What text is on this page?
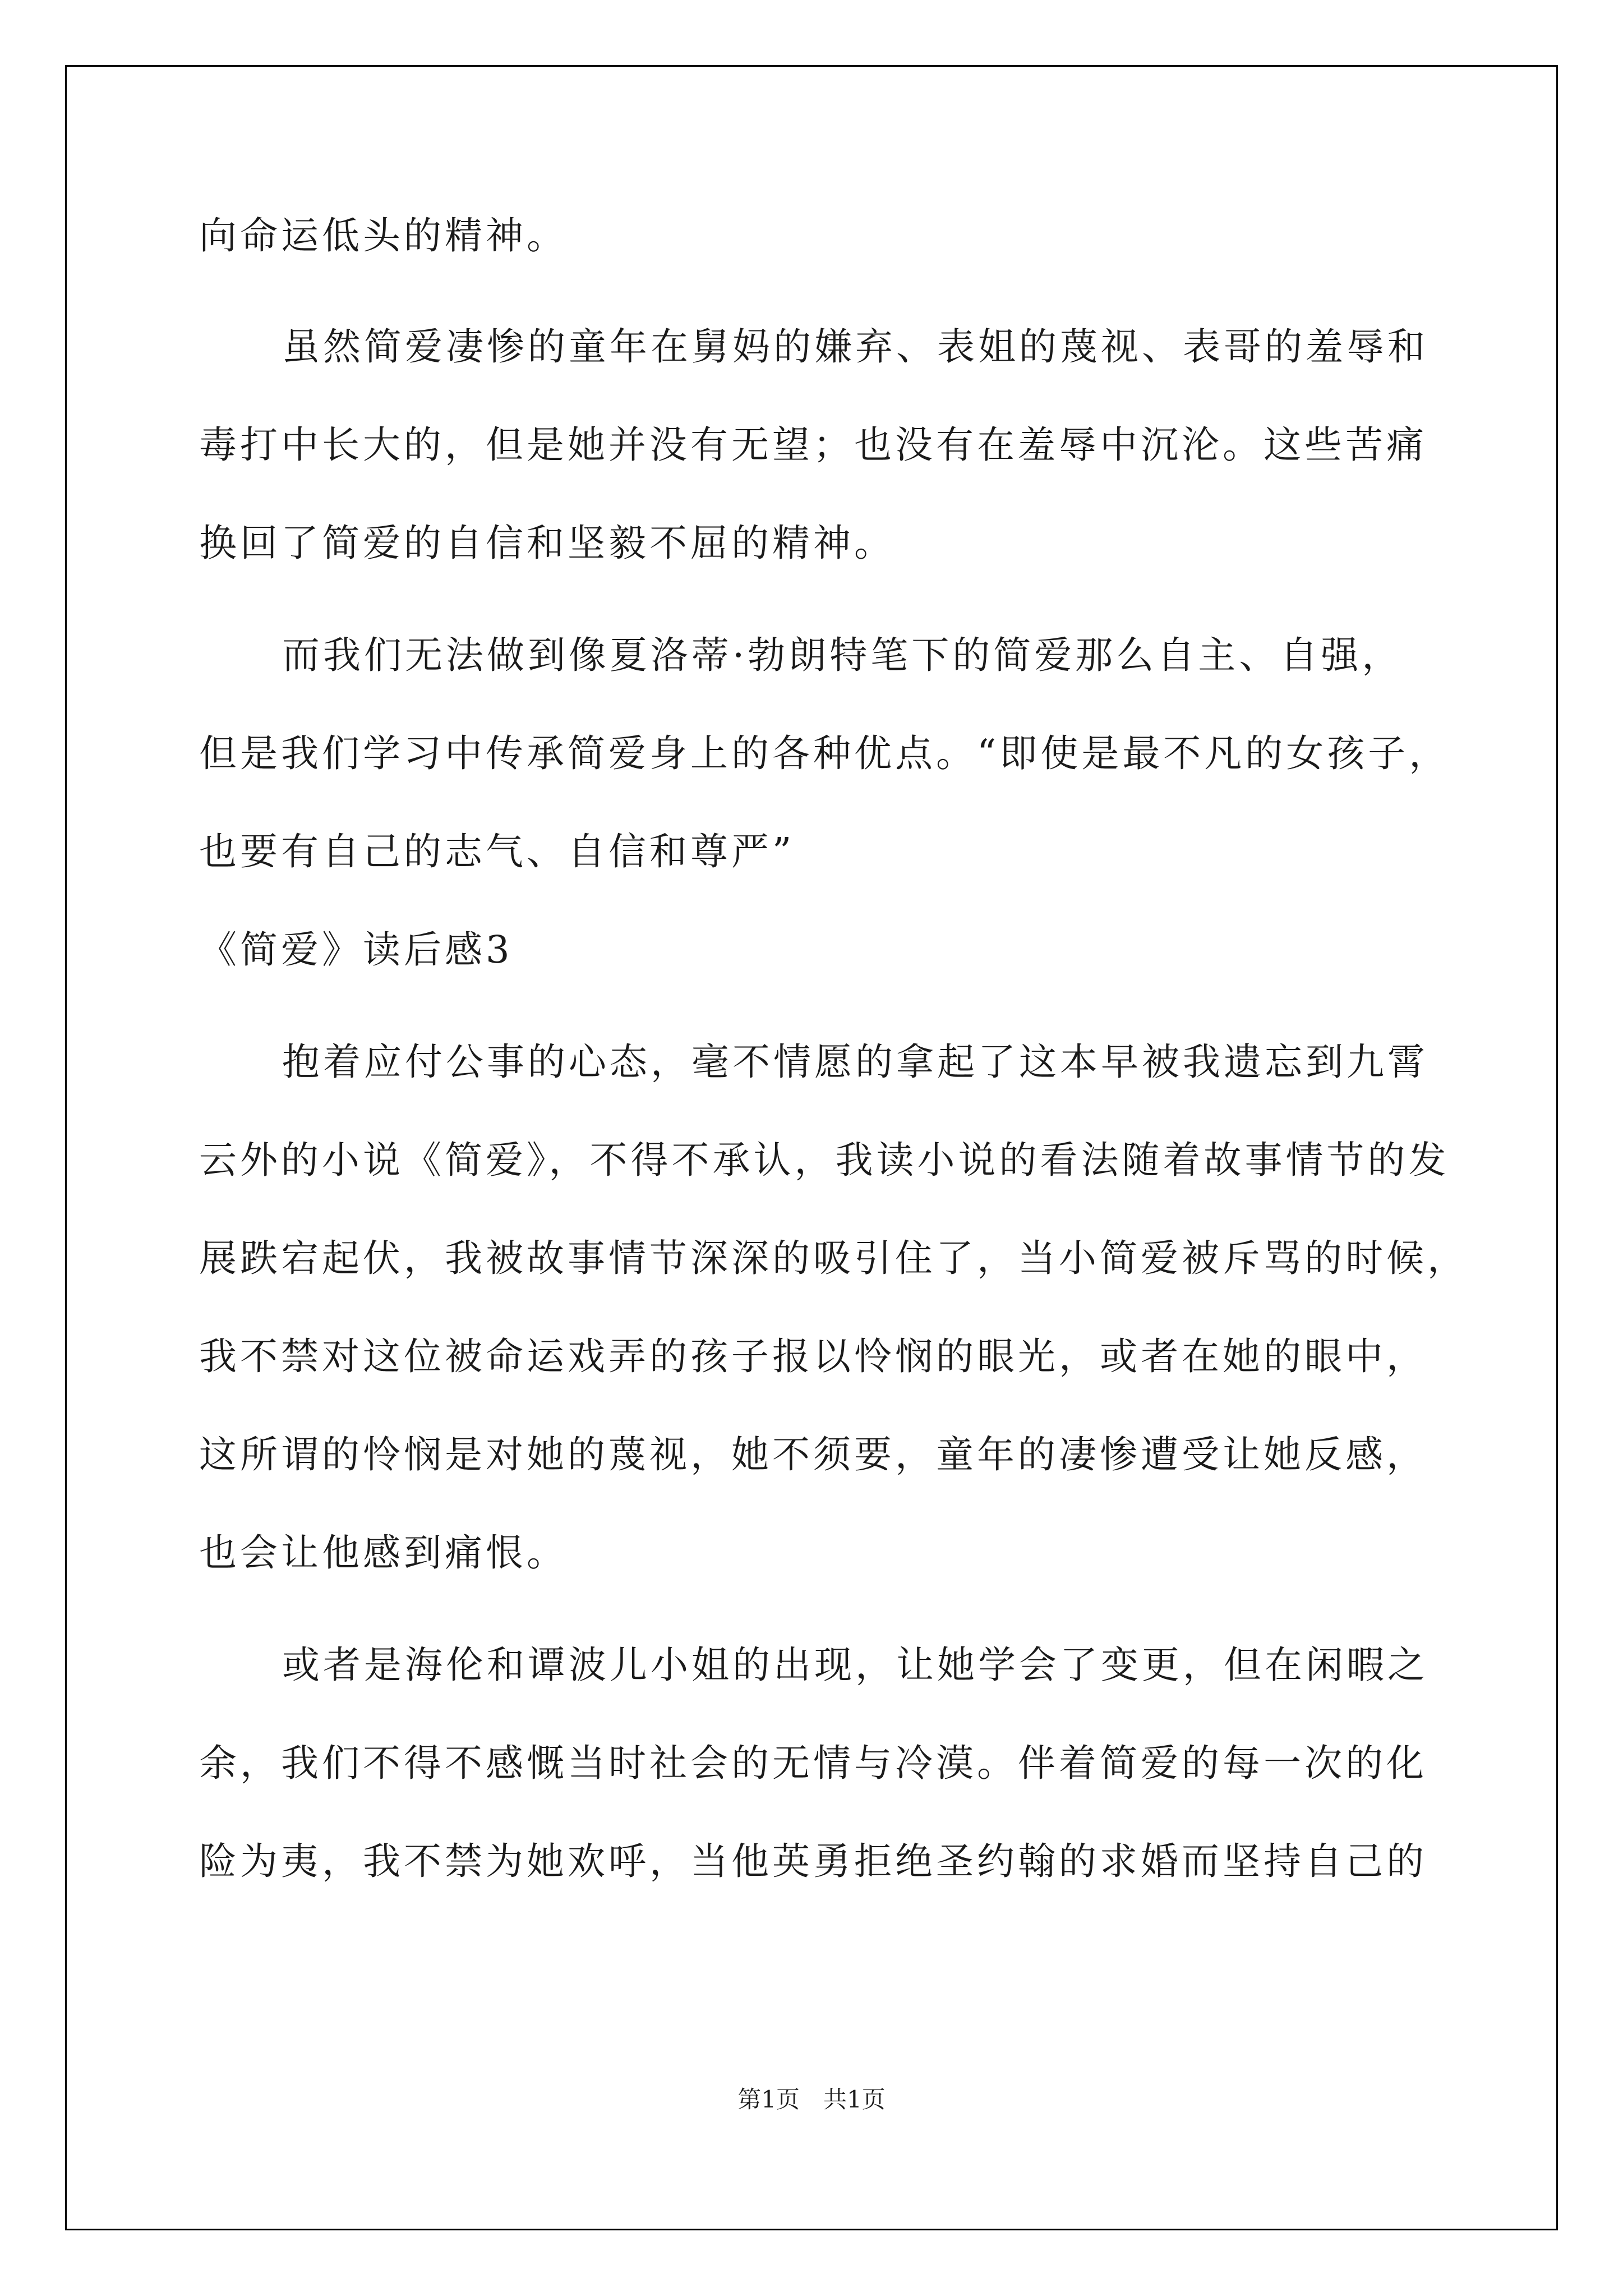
向命运低头的精神。
虽然简爱凄惨的童年在舅妈的嫌弃、表姐的蔑视、表哥的羞辱和
毒打中长大的，但是她并没有无望；也没有在羞辱中沉沦。这些苦痛
换回了简爱的自信和坚毅不屈的精神。
而我们无法做到像夏洛蒂·勃朗特笔下的简爱那么自主、自强，
但是我们学习中传承简爱身上的各种优点。“即使是最不凡的女孩子，
也要有自己的志气、自信和尊严”
《简爱》读后感3
抱着应付公事的心态，毫不情愿的拿起了这本早被我遗忘到九霄
云外的小说《简爱》，不得不承认，我读小说的看法随着故事情节的发
展跌宕起伏，我被故事情节深深的吸引住了，当小简爱被斥骂的时候，
我不禁对这位被命运戏弄的孩子报以怜悯的眼光，或者在她的眼中，
这所谓的怜悯是对她的蔑视，她不须要，童年的凄惨遭受让她反感，
也会让他感到痛恨。
或者是海伦和谭波儿小姐的出现，让她学会了变更，但在闲暇之
余，我们不得不感慨当时社会的无情与冷漠。伴着简爱的每一次的化
险为夷，我不禁为她欢呼，当他英勇拒绝圣约翰的求婚而坚持自己的
第1页　共1页
